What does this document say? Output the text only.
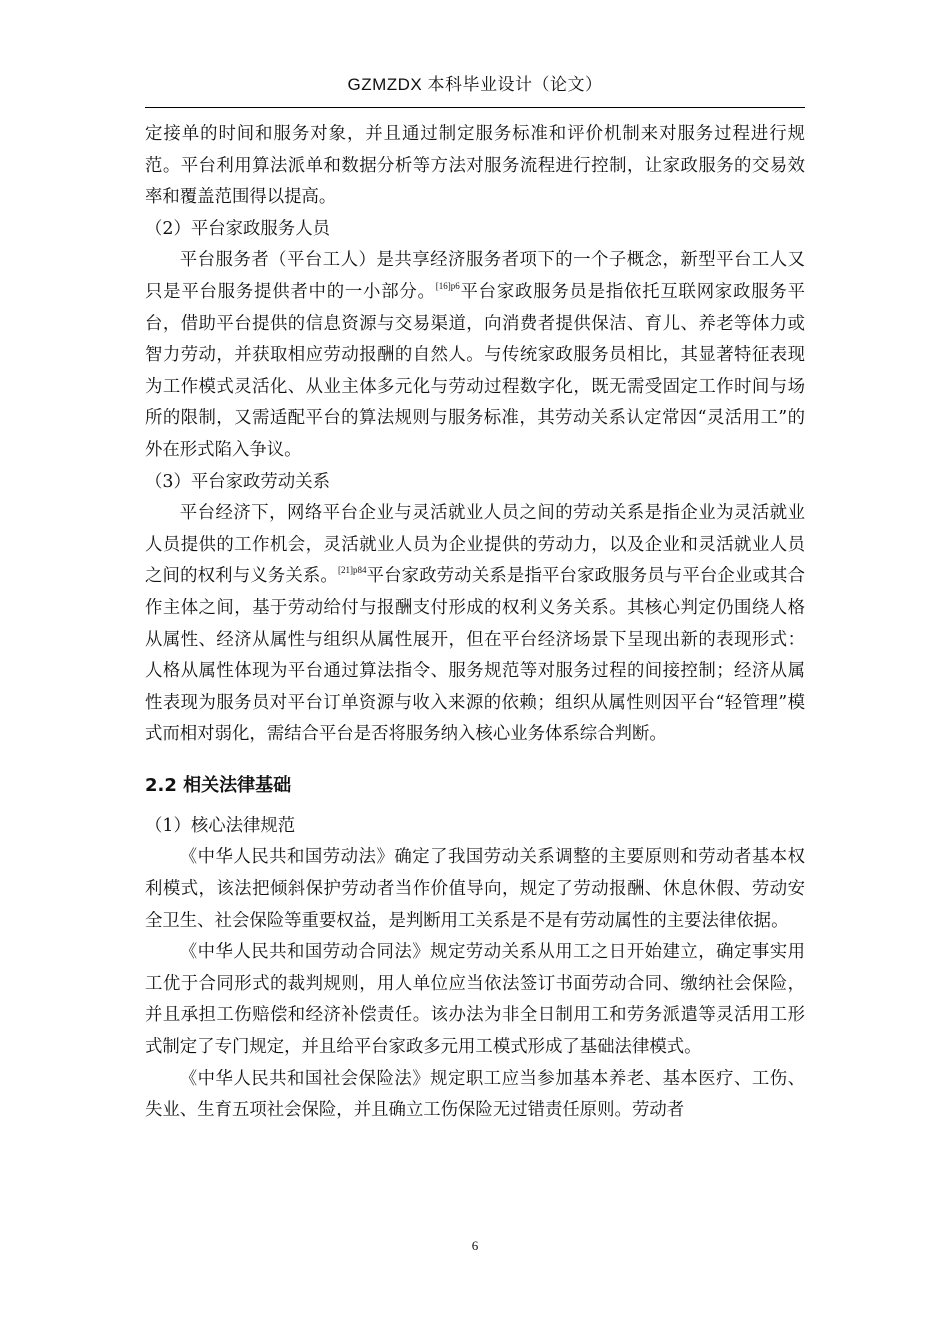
GZMZDX 本科毕业设计（论文）

定接单的时间和服务对象，并且通过制定服务标准和评价机制来对服务过程进行规范。平台利用算法派单和数据分析等方法对服务流程进行控制，让家政服务的交易效率和覆盖范围得以提高。

（2）平台家政服务人员

平台服务者（平台工人）是共享经济服务者项下的一个子概念，新型平台工人又只是平台服务提供者中的一小部分。$^{[16]p6}$平台家政服务员是指依托互联网家政服务平台，借助平台提供的信息资源与交易渠道，向消费者提供保洁、育儿、养老等体力或智力劳动，并获取相应劳动报酬的自然人。与传统家政服务员相比，其显著特征表现为工作模式灵活化、从业主体多元化与劳动过程数字化，既无需受固定工作时间与场所的限制，又需适配平台的算法规则与服务标准，其劳动关系认定常因“灵活用工”的外在形式陷入争议。

（3）平台家政劳动关系

平台经济下，网络平台企业与灵活就业人员之间的劳动关系是指企业为灵活就业人员提供的工作机会，灵活就业人员为企业提供的劳动力，以及企业和灵活就业人员之间的权利与义务关系。$^{[21]p84}$平台家政劳动关系是指平台家政服务员与平台企业或其合作主体之间，基于劳动给付与报酬支付形成的权利义务关系。其核心判定仍围绕人格从属性、经济从属性与组织从属性展开，但在平台经济场景下呈现出新的表现形式：人格从属性体现为平台通过算法指令、服务规范等对服务过程的间接控制；经济从属性表现为服务员对平台订单资源与收入来源的依赖；组织从属性则因平台“轻管理”模式而相对弱化，需结合平台是否将服务纳入核心业务体系综合判断。

2.2 相关法律基础

（1）核心法律规范

《中华人民共和国劳动法》确定了我国劳动关系调整的主要原则和劳动者基本权利模式，该法把倾斜保护劳动者当作价值导向，规定了劳动报酬、休息休假、劳动安全卫生、社会保险等重要权益，是判断用工关系是不是有劳动属性的主要法律依据。

《中华人民共和国劳动合同法》规定劳动关系从用工之日开始建立，确定事实用工优于合同形式的裁判规则，用人单位应当依法签订书面劳动合同、缴纳社会保险，并且承担工伤赔偿和经济补偿责任。该办法为非全日制用工和劳务派遣等灵活用工形式制定了专门规定，并且给平台家政多元用工模式形成了基础法律模式。

《中华人民共和国社会保险法》规定职工应当参加基本养老、基本医疗、工伤、失业、生育五项社会保险，并且确立工伤保险无过错责任原则。劳动者

6
